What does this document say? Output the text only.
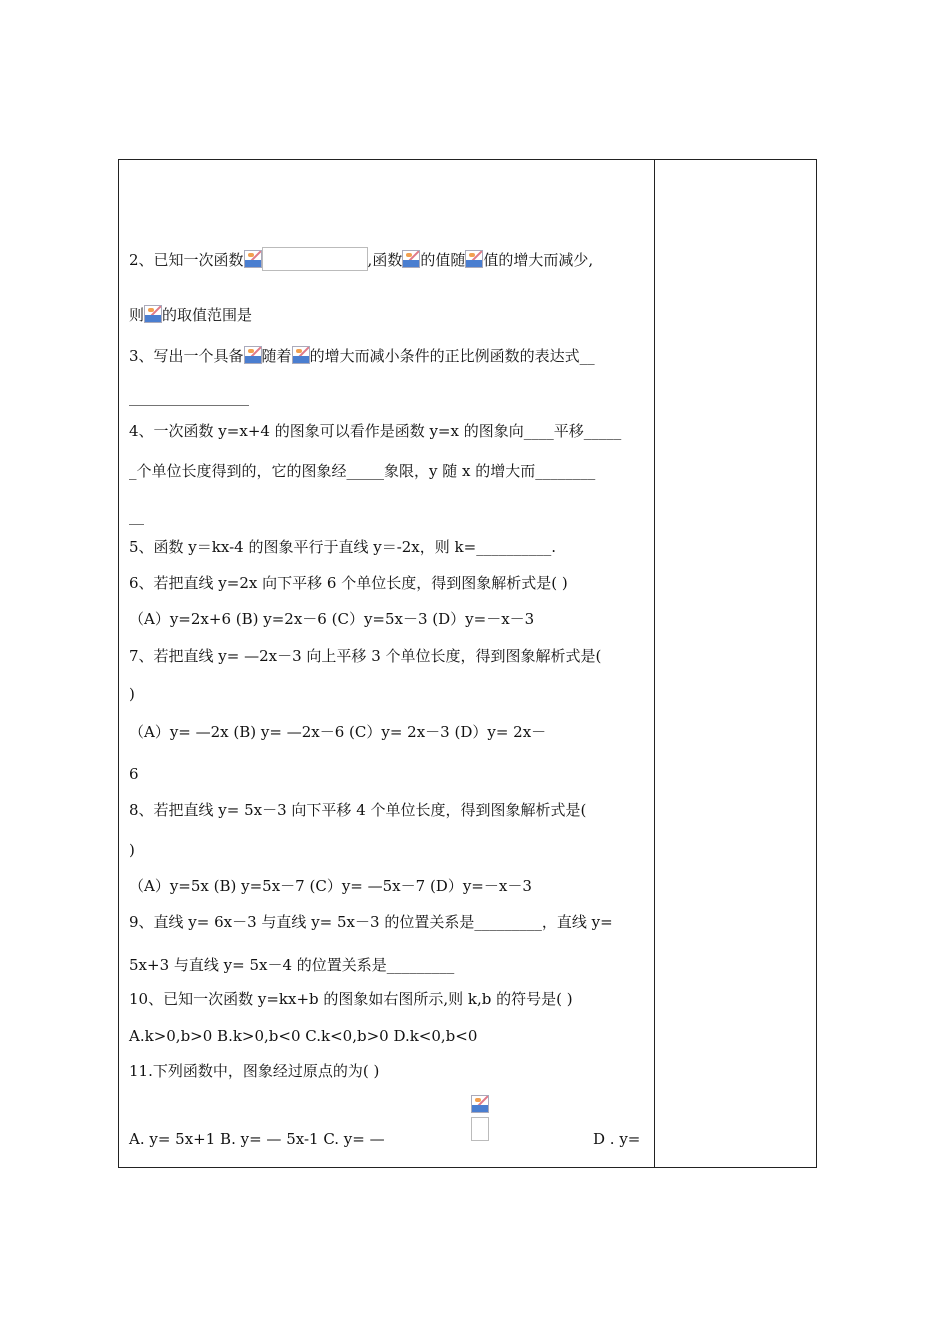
2、已知一次函数	,函数 的值随 值的增大而减少,
则 的取值范围是
3、写出一个具备 随着 的增大而减小条件的正比例函数的表达式__
________________
4、一次函数 y=x+4 的图象可以看作是函数 y=x 的图象向____平移_____
_个单位长度得到的，它的图象经_____象限，y 随 x 的增大而________
__
5、函数 y＝kx-4 的图象平行于直线 y＝-2x，则 k=__________.
6、若把直线 y=2x 向下平移 6 个单位长度，得到图象解析式是( )
（A）y=2x+6 (B) y=2x－6 (C）y=5x－3 (D）y=－x－3
7、若把直线 y= —2x－3 向上平移 3 个单位长度，得到图象解析式是(
)
（A）y= —2x (B) y= —2x－6 (C）y= 2x－3 (D）y= 2x－
6
8、若把直线 y= 5x－3 向下平移 4 个单位长度，得到图象解析式是(
)
（A）y=5x (B) y=5x－7 (C）y= —5x－7 (D）y=－x－3
9、直线 y= 6x－3 与直线 y= 5x－3 的位置关系是_________，直线 y=
5x+3 与直线 y= 5x－4 的位置关系是_________
10、已知一次函数 y=kx+b 的图象如右图所示,则 k,b 的符号是( )
A.k>0,b>0 B.k>0,b<0 C.k<0,b>0 D.k<0,b<0
11.下列函数中，图象经过原点的为( )
A. y= 5x+1 B. y= — 5x-1 C. y= —	D . y=
